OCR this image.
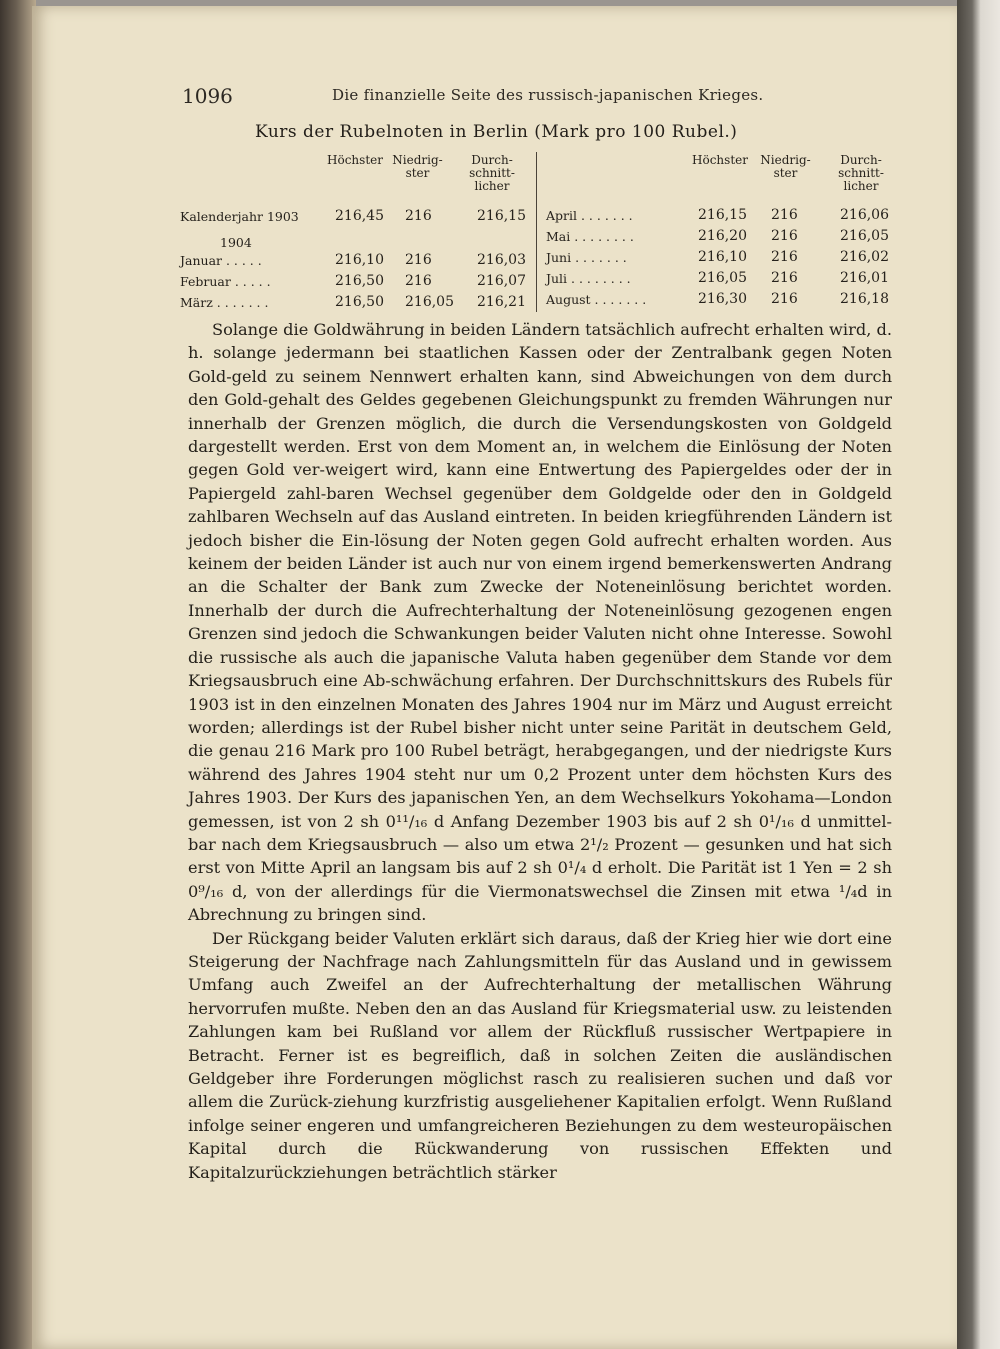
1096	Die finanzielle Seite des russisch-japanischen Krieges.
Kurs der Rubelnoten in Berlin (Mark pro 100 Rubel.)
Höchster Niedrig-
ster
Durch-
schnitt-
licher
Höchster	Niedrig-
ster
Durch-
schnitt-
licher
Kalenderjahr 1903	216,45 216	216,15
1904
Januar . . . . .	216,10 216	216,03
Februar . . . . .	216,50 216	216,07
März . . . . . . .	216,50 216,05 216,21
April . . . . . . .	216,15 216	216,06
Mai . . . . . . . .	216,20 216	216,05
Juni . . . . . . .	216,10 216	216,02
Juli . . . . . . . .	216,05 216	216,01
August . . . . . . .	216,30 216	216,18

Solange die Goldwährung in beiden Ländern tatsächlich aufrecht erhalten wird, d. h. solange jedermann bei staatlichen Kassen oder der Zentralbank gegen Noten Gold-geld zu seinem Nennwert erhalten kann, sind Abweichungen von dem durch den Gold-gehalt des Geldes gegebenen Gleichungspunkt zu fremden Währungen nur innerhalb der Grenzen möglich, die durch die Versendungskosten von Goldgeld dargestellt werden. Erst von dem Moment an, in welchem die Einlösung der Noten gegen Gold ver-weigert wird, kann eine Entwertung des Papiergeldes oder der in Papiergeld zahl-baren Wechsel gegenüber dem Goldgelde oder den in Goldgeld zahlbaren Wechseln auf das Ausland eintreten. In beiden kriegführenden Ländern ist jedoch bisher die Ein-lösung der Noten gegen Gold aufrecht erhalten worden. Aus keinem der beiden Länder ist auch nur von einem irgend bemerkenswerten Andrang an die Schalter der Bank zum Zwecke der Noteneinlösung berichtet worden. Innerhalb der durch die Aufrechterhaltung der Noteneinlösung gezogenen engen Grenzen sind jedoch die Schwankungen beider Valuten nicht ohne Interesse. Sowohl die russische als auch die japanische Valuta haben gegenüber dem Stande vor dem Kriegsausbruch eine Ab-schwächung erfahren. Der Durchschnittskurs des Rubels für 1903 ist in den einzelnen Monaten des Jahres 1904 nur im März und August erreicht worden; allerdings ist der Rubel bisher nicht unter seine Parität in deutschem Geld, die genau 216 Mark pro 100 Rubel beträgt, herabgegangen, und der niedrigste Kurs während des Jahres 1904 steht nur um 0,2 Prozent unter dem höchsten Kurs des Jahres 1903. Der Kurs des japanischen Yen, an dem Wechselkurs Yokohama—London gemessen, ist von 2 sh 0¹¹/₁₆ d Anfang Dezember 1903 bis auf 2 sh 0¹/₁₆ d unmittel-bar nach dem Kriegsausbruch — also um etwa 2¹/₂ Prozent — gesunken und hat sich erst von Mitte April an langsam bis auf 2 sh 0¹/₄ d erholt. Die Parität ist 1 Yen = 2 sh 0⁹/₁₆ d, von der allerdings für die Viermonatswechsel die Zinsen mit etwa ¹/₄d in Abrechnung zu bringen sind.

Der Rückgang beider Valuten erklärt sich daraus, daß der Krieg hier wie dort eine Steigerung der Nachfrage nach Zahlungsmitteln für das Ausland und in gewissem Umfang auch Zweifel an der Aufrechterhaltung der metallischen Währung hervorrufen mußte. Neben den an das Ausland für Kriegsmaterial usw. zu leistenden Zahlungen kam bei Rußland vor allem der Rückfluß russischer Wertpapiere in Betracht. Ferner ist es begreiflich, daß in solchen Zeiten die ausländischen Geldgeber ihre Forderungen möglichst rasch zu realisieren suchen und daß vor allem die Zurück-ziehung kurzfristig ausgeliehener Kapitalien erfolgt. Wenn Rußland infolge seiner engeren und umfangreicheren Beziehungen zu dem westeuropäischen Kapital durch die Rückwanderung von russischen Effekten und Kapitalzurückziehungen beträchtlich stärker
